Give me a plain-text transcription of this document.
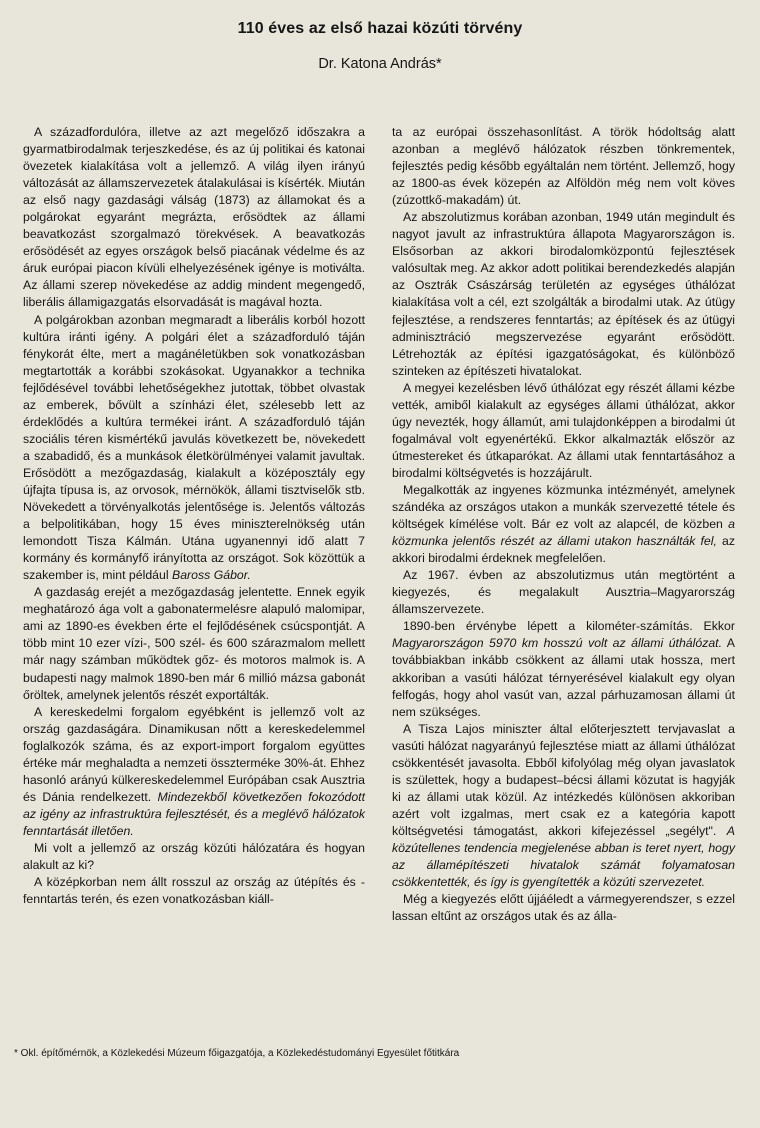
110 éves az első hazai közúti törvény
Dr. Katona András*

A századfordulóra, illetve az azt megelőző időszakra a gyarmatbirodalmak terjeszkedése, és az új politikai és katonai övezetek kialakítása volt a jellemző. A világ ilyen irányú változását az államszervezetek átalakulásai is kísérték. Miután az első nagy gazdasági válság (1873) az államokat és a polgárokat egyaránt megrázta, erősödtek az állami beavatkozást szorgalmazó törekvések. A beavatkozás erősödését az egyes országok belső piacának védelme és az áruk európai piacon kívüli elhelyezésének igénye is motiválta. Az állami szerep növekedése az addig mindent megengedő, liberális államigazgatás elsorvadását is magával hozta.

A polgárokban azonban megmaradt a liberális korból hozott kultúra iránti igény. A polgári élet a századforduló táján fénykorát élte, mert a magánéletükben sok vonatkozásban megtartották a korábbi szokásokat. Ugyanakkor a technika fejlődésével további lehetőségekhez jutottak, többet olvastak az emberek, bővült a színházi élet, szélesebb lett az érdeklődés a kultúra termékei iránt. A századforduló táján szociális téren kismértékű javulás következett be, növekedett a szabadidő, és a munkások életkörülményei valamit javultak. Erősödött a mezőgazdaság, kialakult a középosztály egy újfajta típusa is, az orvosok, mérnökök, állami tisztviselők stb. Növekedett a törvényalkotás jelentősége is. Jelentős változás a belpolitikában, hogy 15 éves miniszterelnökség után lemondott Tisza Kálmán. Utána ugyanennyi idő alatt 7 kormány és kormányfő irányította az országot. Sok közöttük a szakember is, mint például Baross Gábor.

A gazdaság erejét a mezőgazdaság jelentette. Ennek egyik meghatározó ága volt a gabonatermelésre alapuló malomipar, ami az 1890-es években érte el fejlődésének csúcspontját. A több mint 10 ezer vízi-, 500 szél- és 600 szárazmalom mellett már nagy számban működtek gőz- és motoros malmok is. A budapesti nagy malmok 1890-ben már 6 millió mázsa gabonát őröltek, amelynek jelentős részét exportálták.

A kereskedelmi forgalom egyébként is jellemző volt az ország gazdaságára. Dinamikusan nőtt a kereskedelemmel foglalkozók száma, és az export-import forgalom együttes értéke már meghaladta a nemzeti összterméke 30%-át. Ehhez hasonló arányú külkereskedelemmel Európában csak Ausztria és Dánia rendelkezett. Mindezekből következően fokozódott az igény az infrastruktúra fejlesztését, és a meglévő hálózatok fenntartását illetően.

Mi volt a jellemző az ország közúti hálózatára és hogyan alakult az ki?

A középkorban nem állt rosszul az ország az útépítés és -fenntartás terén, és ezen vonatkozásban kiáll-

ta az európai összehasonlítást. A török hódoltság alatt azonban a meglévő hálózatok részben tönkrementek, fejlesztés pedig később egyáltalán nem történt. Jellemző, hogy az 1800-as évek közepén az Alföldön még nem volt köves (zúzottkő-makadám) út.

Az abszolutizmus korában azonban, 1949 után megindult és nagyot javult az infrastruktúra állapota Magyarországon is. Elsősorban az akkori birodalomközpontú fejlesztések valósultak meg. Az akkor adott politikai berendezkedés alapján az Osztrák Császárság területén az egységes úthálózat kialakítása volt a cél, ezt szolgálták a birodalmi utak. Az útügy fejlesztése, a rendszeres fenntartás; az építések és az útügyi adminisztráció megszervezése egyaránt erősödött. Létrehozták az építési igazgatóságokat, és különböző szinteken az építészeti hivatalokat.

A megyei kezelésben lévő úthálózat egy részét állami kézbe vették, amiből kialakult az egységes állami úthálózat, akkor úgy nevezték, hogy államút, ami tulajdonképpen a birodalmi út fogalmával volt egyenértékű. Ekkor alkalmazták először az útmestereket és útkaparókat. Az állami utak fenntartásához a birodalmi költségvetés is hozzájárult.

Megalkották az ingyenes közmunka intézményét, amelynek szándéka az országos utakon a munkák szervezetté tétele és költségek kímélése volt. Bár ez volt az alapcél, de közben a közmunka jelentős részét az állami utakon használták fel, az akkori birodalmi érdeknek megfelelően.

Az 1967. évben az abszolutizmus után megtörtént a kiegyezés, és megalakult Ausztria–Magyarország államszervezete.

1890-ben érvénybe lépett a kilométer-számítás. Ekkor Magyarországon 5970 km hosszú volt az állami úthálózat. A továbbiakban inkább csökkent az állami utak hossza, mert akkoriban a vasúti hálózat térnyerésével kialakult egy olyan felfogás, hogy ahol vasút van, azzal párhuzamosan állami út nem szükséges.

A Tisza Lajos miniszter által előterjesztett tervjavaslat a vasúti hálózat nagyarányú fejlesztése miatt az állami úthálózat csökkentését javasolta. Ebből kifolyólag még olyan javaslatok is születtek, hogy a budapest–bécsi állami közutat is hagyják ki az állami utak közül. Az intézkedés különösen akkoriban azért volt izgalmas, mert csak ez a kategória kapott költségvetési támogatást, akkori kifejezéssel „segélyt". A közútellenes tendencia megjelenése abban is teret nyert, hogy az államépítészeti hivatalok számát folyamatosan csökkentették, és így is gyengítették a közúti szervezetet.

Még a kiegyezés előtt újjáéledt a vármegyerendszer, s ezzel lassan eltűnt az országos utak és az álla-

* Okl. építőmérnök, a Közlekedési Múzeum főigazgatója, a Közlekedéstudományi Egyesület főtitkára
